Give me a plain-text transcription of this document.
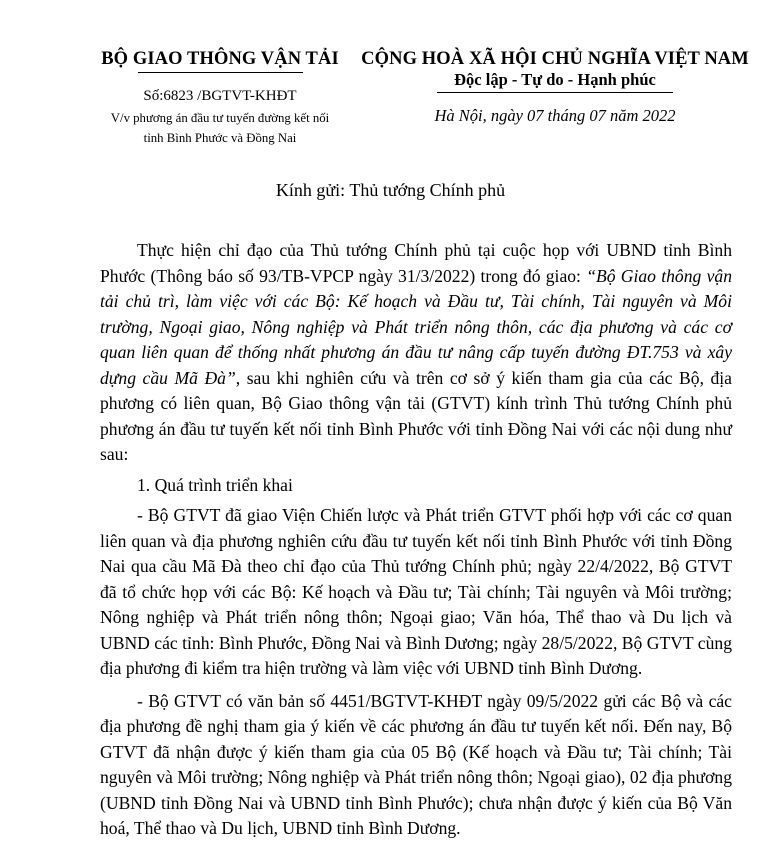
BỘ GIAO THÔNG VẬN TẢI
Số:6823 /BGTVT-KHĐT
V/v phương án đầu tư tuyến đường kết nối
tỉnh Bình Phước và Đồng Nai
CỘNG HOÀ XÃ HỘI CHỦ NGHĨA VIỆT NAM
Độc lập - Tự do - Hạnh phúc
Hà Nội, ngày 07 tháng 07 năm 2022
Kính gửi: Thủ tướng Chính phủ

Thực hiện chỉ đạo của Thủ tướng Chính phủ tại cuộc họp với UBND tỉnh Bình Phước (Thông báo số 93/TB-VPCP ngày 31/3/2022) trong đó giao: “Bộ Giao thông vận tải chủ trì, làm việc với các Bộ: Kế hoạch và Đầu tư, Tài chính, Tài nguyên và Môi trường, Ngoại giao, Nông nghiệp và Phát triển nông thôn, các địa phương và các cơ quan liên quan để thống nhất phương án đầu tư nâng cấp tuyến đường ĐT.753 và xây dựng cầu Mã Đà”, sau khi nghiên cứu và trên cơ sở ý kiến tham gia của các Bộ, địa phương có liên quan, Bộ Giao thông vận tải (GTVT) kính trình Thủ tướng Chính phủ phương án đầu tư tuyến kết nối tỉnh Bình Phước với tỉnh Đồng Nai với các nội dung như sau:

1. Quá trình triển khai

- Bộ GTVT đã giao Viện Chiến lược và Phát triển GTVT phối hợp với các cơ quan liên quan và địa phương nghiên cứu đầu tư tuyến kết nối tỉnh Bình Phước với tỉnh Đồng Nai qua cầu Mã Đà theo chỉ đạo của Thủ tướng Chính phủ; ngày 22/4/2022, Bộ GTVT đã tổ chức họp với các Bộ: Kế hoạch và Đầu tư; Tài chính; Tài nguyên và Môi trường; Nông nghiệp và Phát triển nông thôn; Ngoại giao; Văn hóa, Thể thao và Du lịch và UBND các tỉnh: Bình Phước, Đồng Nai và Bình Dương; ngày 28/5/2022, Bộ GTVT cùng địa phương đi kiểm tra hiện trường và làm việc với UBND tỉnh Bình Dương.

- Bộ GTVT có văn bản số 4451/BGTVT-KHĐT ngày 09/5/2022 gửi các Bộ và các địa phương đề nghị tham gia ý kiến về các phương án đầu tư tuyến kết nối. Đến nay, Bộ GTVT đã nhận được ý kiến tham gia của 05 Bộ (Kế hoạch và Đầu tư; Tài chính; Tài nguyên và Môi trường; Nông nghiệp và Phát triển nông thôn; Ngoại giao), 02 địa phương (UBND tỉnh Đồng Nai và UBND tỉnh Bình Phước); chưa nhận được ý kiến của Bộ Văn hoá, Thể thao và Du lịch, UBND tỉnh Bình Dương.
